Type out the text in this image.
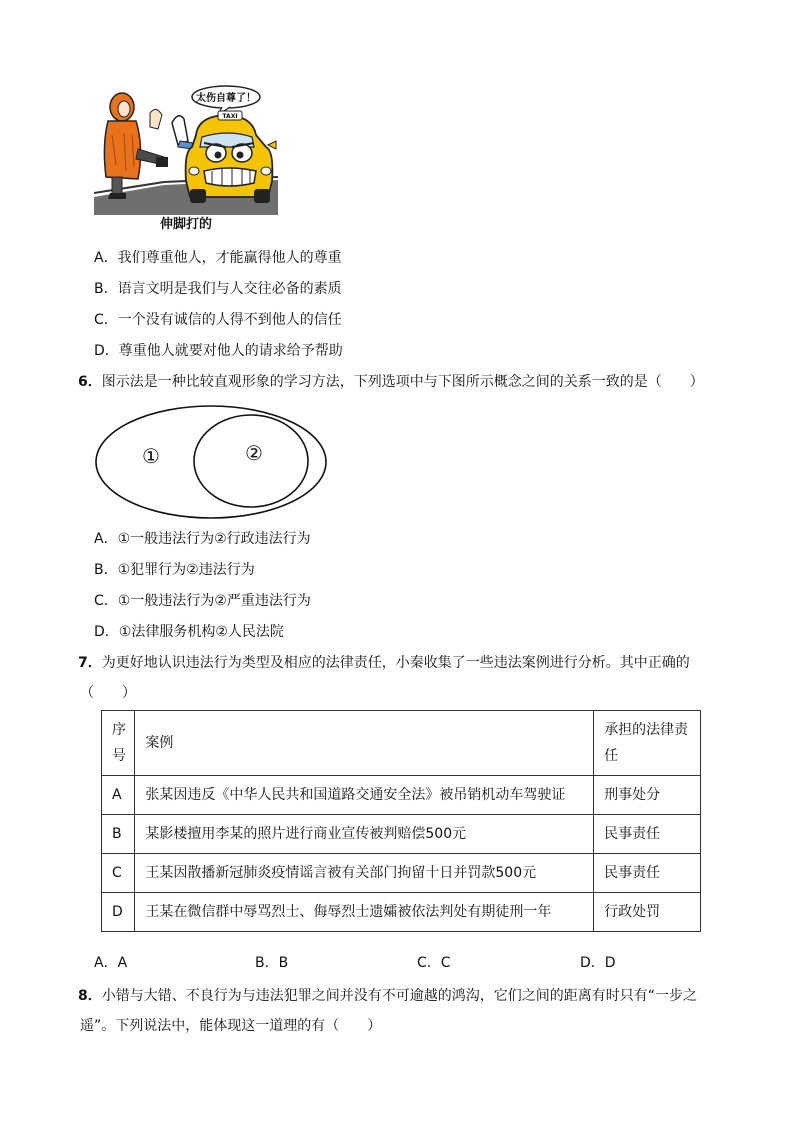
太伤自尊了！
TAXI
伸脚打的
A．我们尊重他人，才能赢得他人的尊重
B．语言文明是我们与人交往必备的素质
C．一个没有诚信的人得不到他人的信任
D．尊重他人就要对他人的请求给予帮助
6．图示法是一种比较直观形象的学习方法，下列选项中与下图所示概念之间的关系一致的是（　　）
①	②
A．①一般违法行为②行政违法行为
B．①犯罪行为②违法行为
C．①一般违法行为②严重违法行为
D．①法律服务机构②人民法院
7．为更好地认识违法行为类型及相应的法律责任，小秦收集了一些违法案例进行分析。其中正确的
（　　）
序号	案例	承担的法律责任
A	张某因违反《中华人民共和国道路交通安全法》被吊销机动车驾驶证	刑事处分
B	某影楼擅用李某的照片进行商业宣传被判赔偿500元	民事责任
C	王某因散播新冠肺炎疫情谣言被有关部门拘留十日并罚款500元	民事责任
D	王某在微信群中辱骂烈士、侮辱烈士遗孀被依法判处有期徒刑一年	行政处罚
A．A	B．B	C．C	D．D
8．小错与大错、不良行为与违法犯罪之间并没有不可逾越的鸿沟，它们之间的距离有时只有“一步之
遥”。下列说法中，能体现这一道理的有（　　）
